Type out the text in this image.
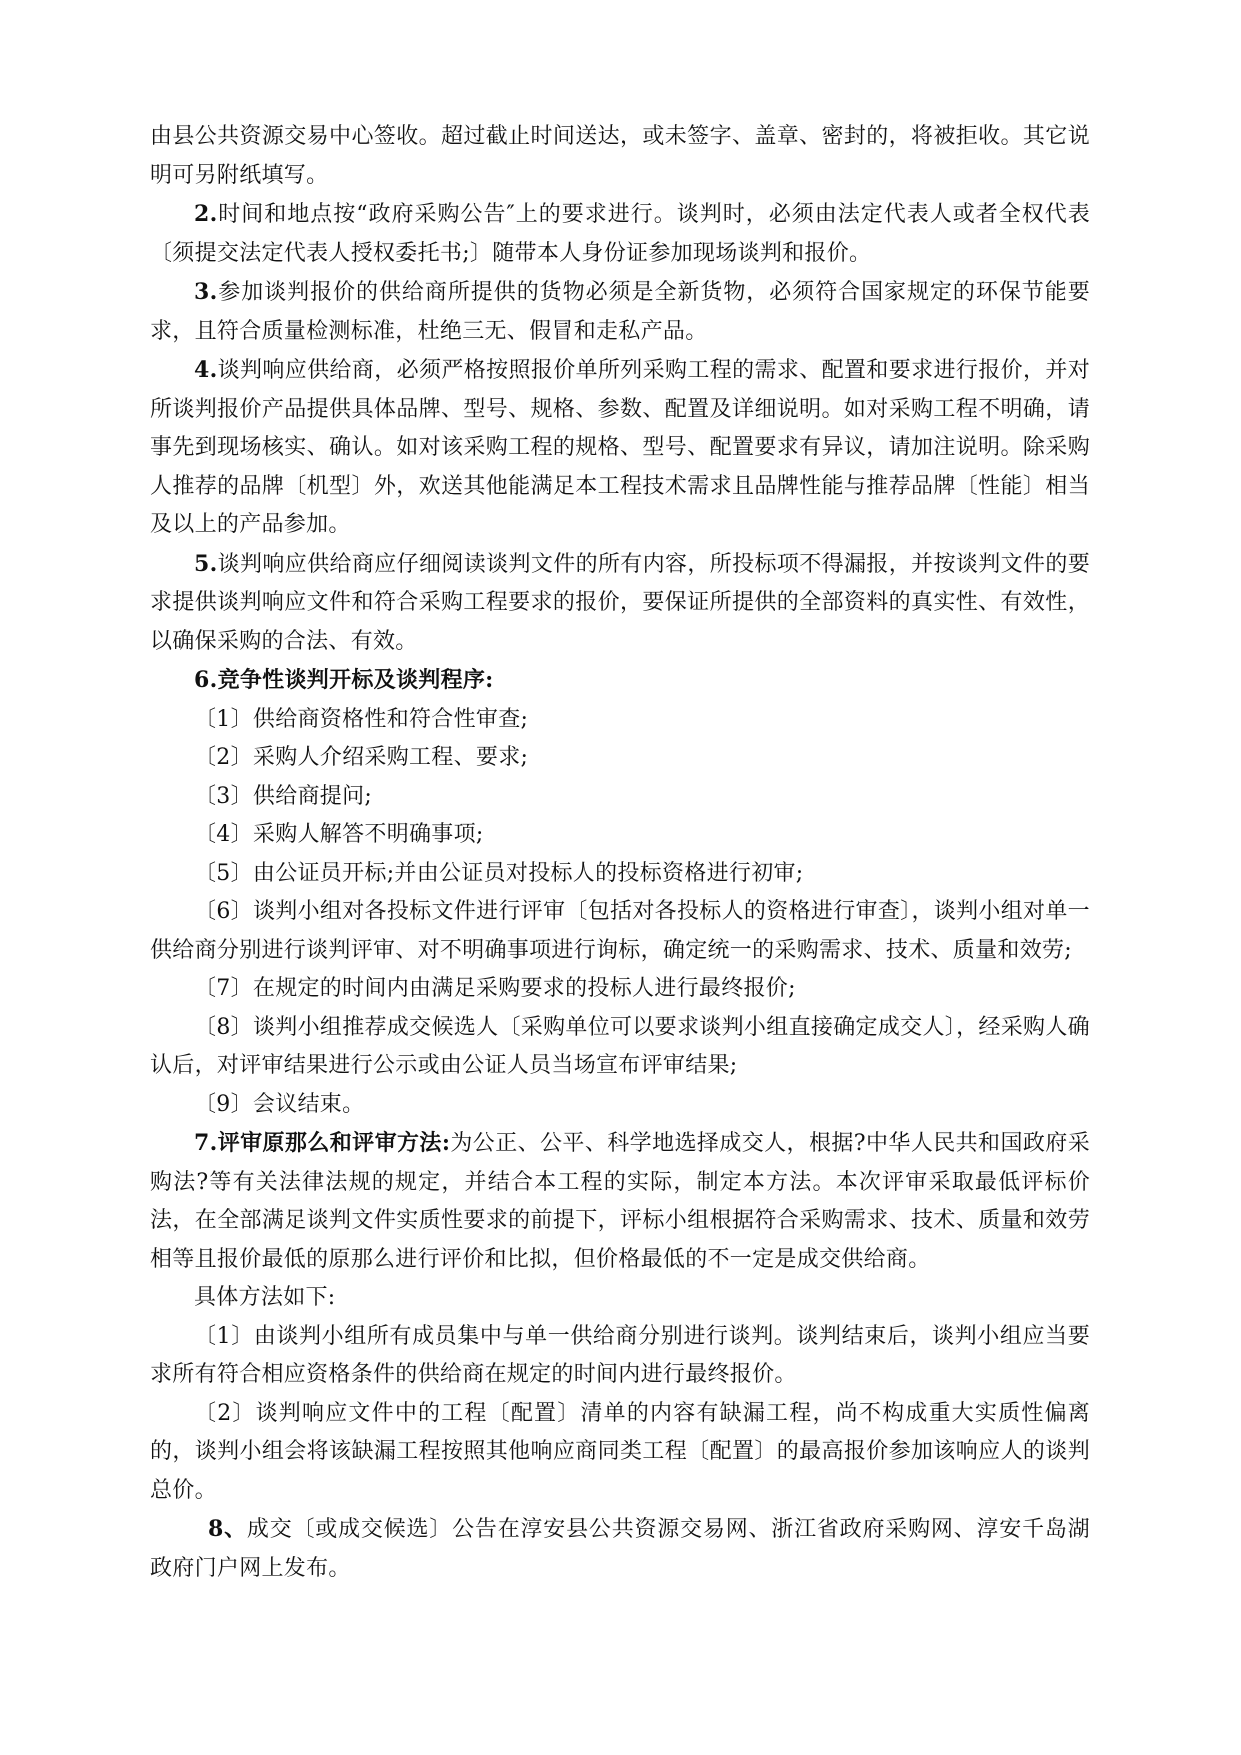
由县公共资源交易中心签收。超过截止时间送达，或未签字、盖章、密封的，将被拒收。其它说明可另附纸填写。

2.时间和地点按“政府采购公告″上的要求进行。谈判时，必须由法定代表人或者全权代表〔须提交法定代表人授权委托书;〕随带本人身份证参加现场谈判和报价。

3.参加谈判报价的供给商所提供的货物必须是全新货物，必须符合国家规定的环保节能要求，且符合质量检测标准，杜绝三无、假冒和走私产品。

4.谈判响应供给商，必须严格按照报价单所列采购工程的需求、配置和要求进行报价，并对所谈判报价产品提供具体品牌、型号、规格、参数、配置及详细说明。如对采购工程不明确，请事先到现场核实、确认。如对该采购工程的规格、型号、配置要求有异议，请加注说明。除采购人推荐的品牌〔机型〕外，欢送其他能满足本工程技术需求且品牌性能与推荐品牌〔性能〕相当及以上的产品参加。

5.谈判响应供给商应仔细阅读谈判文件的所有内容，所投标项不得漏报，并按谈判文件的要求提供谈判响应文件和符合采购工程要求的报价，要保证所提供的全部资料的真实性、有效性，以确保采购的合法、有效。

6.竞争性谈判开标及谈判程序:

〔1〕供给商资格性和符合性审查;

〔2〕采购人介绍采购工程、要求;

〔3〕供给商提问;

〔4〕采购人解答不明确事项;

〔5〕由公证员开标;并由公证员对投标人的投标资格进行初审;

〔6〕谈判小组对各投标文件进行评审〔包括对各投标人的资格进行审查〕，谈判小组对单一供给商分别进行谈判评审、对不明确事项进行询标，确定统一的采购需求、技术、质量和效劳;

〔7〕在规定的时间内由满足采购要求的投标人进行最终报价;

〔8〕谈判小组推荐成交候选人〔采购单位可以要求谈判小组直接确定成交人〕，经采购人确认后，对评审结果进行公示或由公证人员当场宣布评审结果;

〔9〕会议结束。

7.评审原那么和评审方法:为公正、公平、科学地选择成交人，根据?中华人民共和国政府采购法?等有关法律法规的规定，并结合本工程的实际，制定本方法。本次评审采取最低评标价法，在全部满足谈判文件实质性要求的前提下，评标小组根据符合采购需求、技术、质量和效劳相等且报价最低的原那么进行评价和比拟，但价格最低的不一定是成交供给商。

具体方法如下:

〔1〕由谈判小组所有成员集中与单一供给商分别进行谈判。谈判结束后，谈判小组应当要求所有符合相应资格条件的供给商在规定的时间内进行最终报价。

〔2〕谈判响应文件中的工程〔配置〕清单的内容有缺漏工程，尚不构成重大实质性偏离的，谈判小组会将该缺漏工程按照其他响应商同类工程〔配置〕的最高报价参加该响应人的谈判总价。

8、成交〔或成交候选〕公告在淳安县公共资源交易网、浙江省政府采购网、淳安千岛湖政府门户网上发布。
